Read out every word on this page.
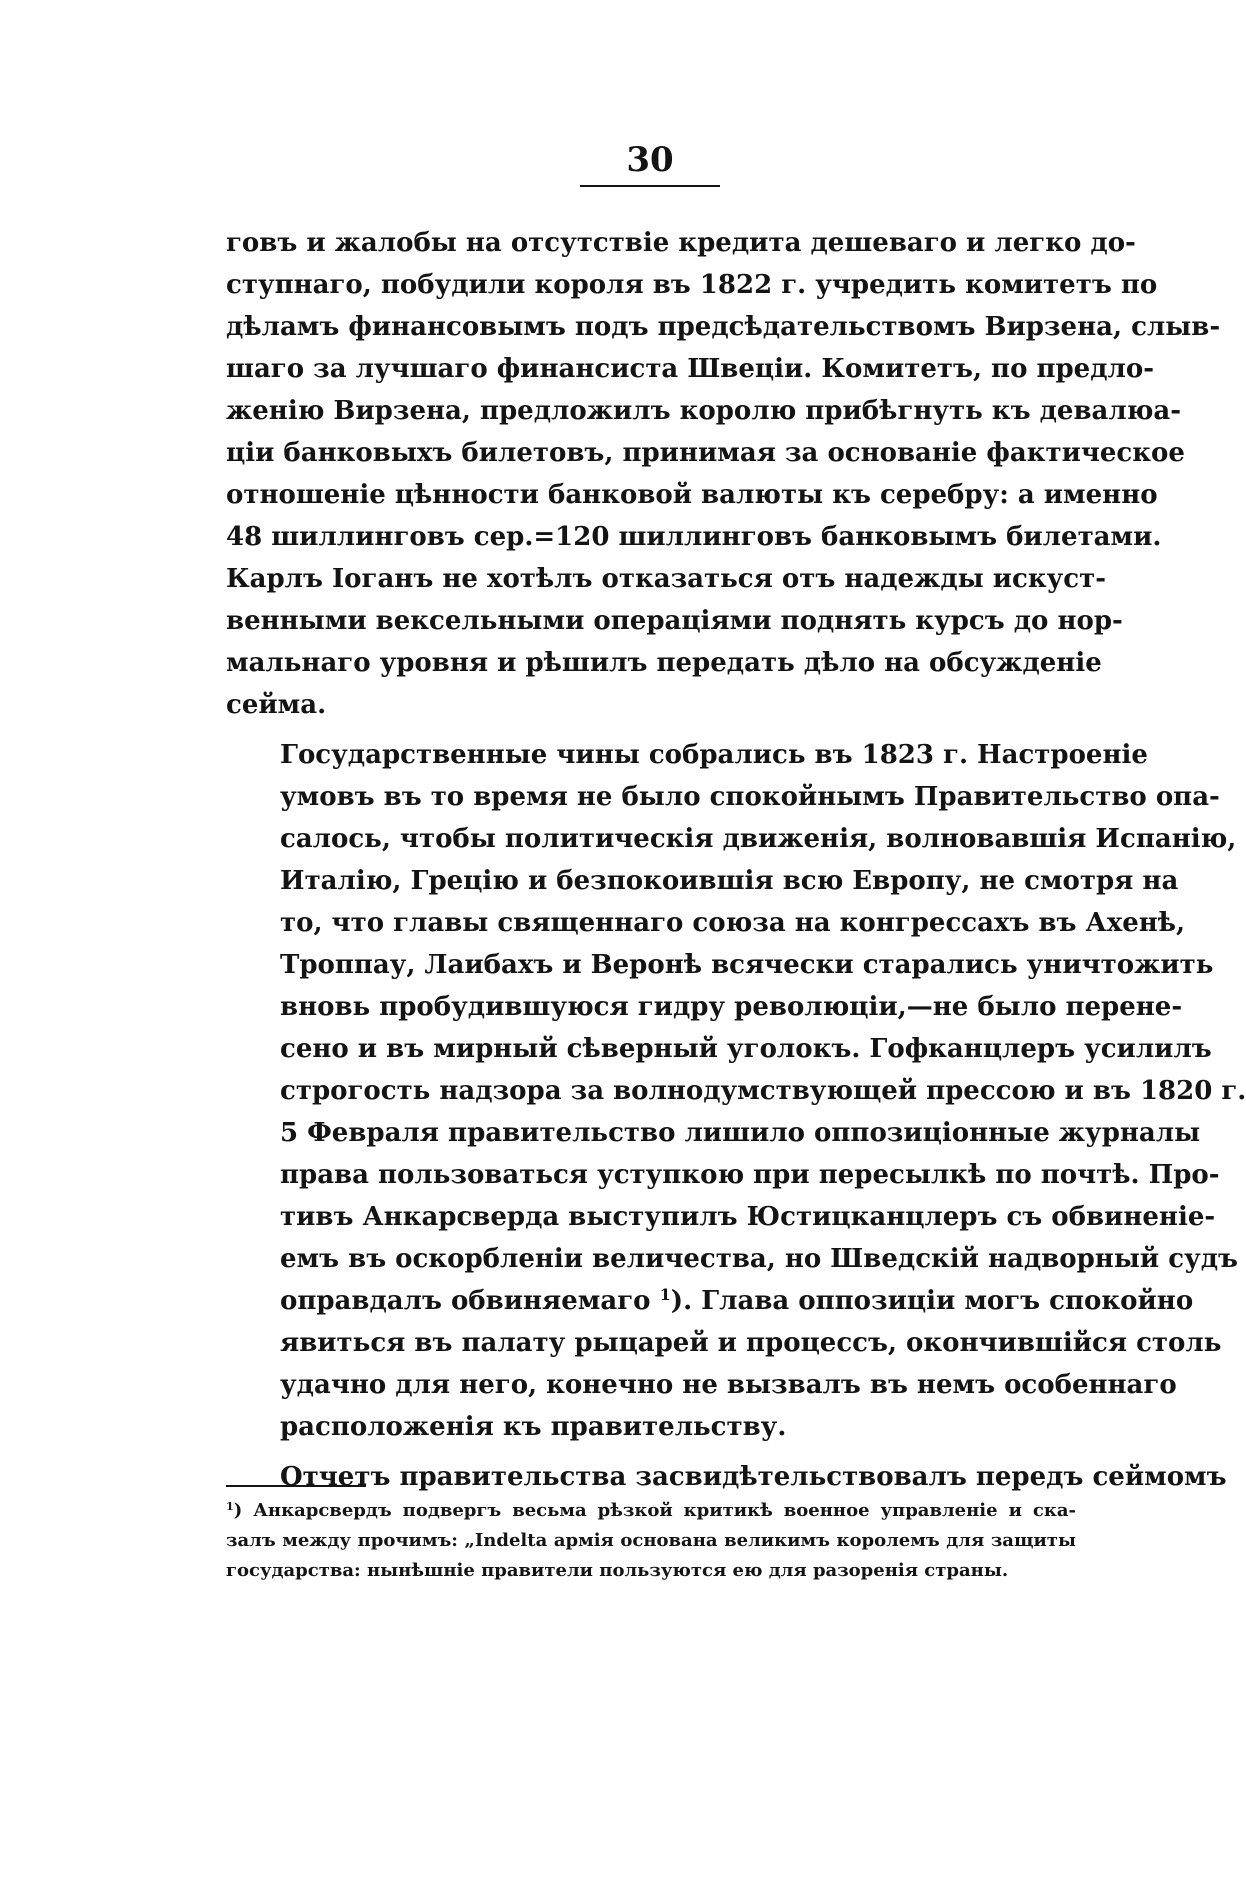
30

говъ и жалобы на отсутствіе кредита дешеваго и легко до-
ступнаго, побудили короля въ 1822 г. учредить комитетъ по
дѣламъ финансовымъ подъ предсѣдательствомъ Вирзена, слыв-
шаго за лучшаго финансиста Швеціи. Комитетъ, по предло-
женію Вирзена, предложилъ королю прибѣгнуть къ девалюа-
ціи банковыхъ билетовъ, принимая за основаніе фактическое
отношеніе цѣнности банковой валюты къ серебру: а именно
48 шиллинговъ сер.=120 шиллинговъ банковымъ билетами.
Карлъ Іоганъ не хотѣлъ отказаться отъ надежды искуст-
венными вексельными операціями поднять курсъ до нор-
мальнаго уровня и рѣшилъ передать дѣло на обсужденіе
сейма.

Государственные чины собрались въ 1823 г. Настроеніе
умовъ въ то время не было спокойнымъ Правительство опа-
салось, чтобы политическія движенія, волновавшія Испанію,
Италію, Грецію и безпокоившія всю Европу, не смотря на
то, что главы священнаго союза на конгрессахъ въ Ахенѣ,
Троппау, Лаибахъ и Веронѣ всячески старались уничтожить
вновь пробудившуюся гидру революціи,—не было перене-
сено и въ мирный сѣверный уголокъ. Гофканцлеръ усилилъ
строгость надзора за волнодумствующей прессою и въ 1820 г.
5 Февраля правительство лишило оппозиціонные журналы
права пользоваться уступкою при пересылкѣ по почтѣ. Про-
тивъ Анкарсверда выступилъ Юстицканцлеръ съ обвиненіе-
емъ въ оскорбленіи величества, но Шведскій надворный судъ
оправдалъ обвиняемаго $^1$). Глава оппозиціи могъ спокойно
явиться въ палату рыцарей и процессъ, окончившійся столь
удачно для него, конечно не вызвалъ въ немъ особеннаго
расположенія къ правительству.

Отчетъ правительства засвидѣтельствовалъ передъ сеймомъ

$^1$) Анкарсвердъ подвергъ весьма рѣзкой критикѣ военное управленіе и ска-
залъ между прочимъ: „Indelta армія основана великимъ королемъ для защиты
государства: нынѣшніе правители пользуются ею для разоренія страны.
